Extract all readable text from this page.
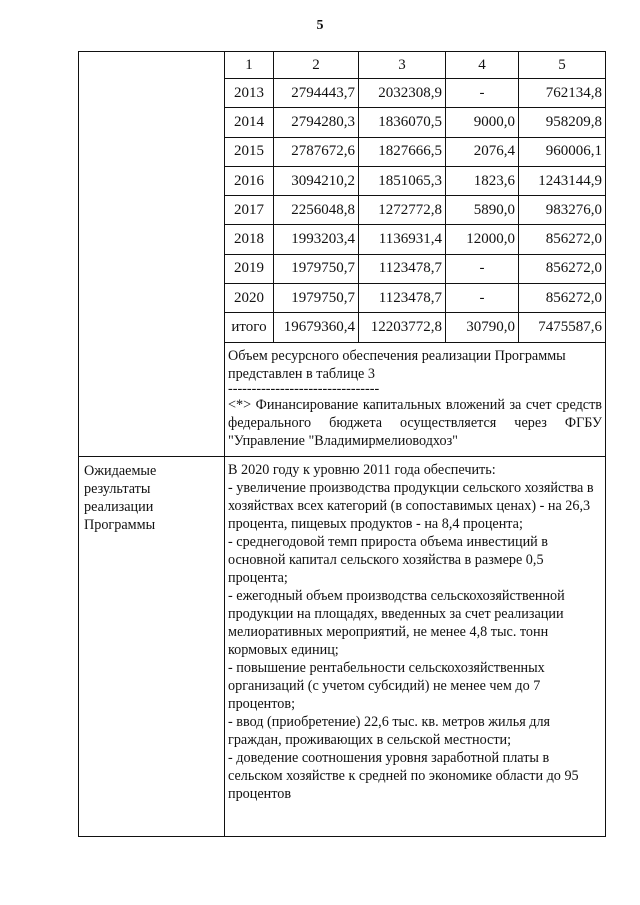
5
1	2	3	4	5
2013	2794443,7	2032308,9	-	762134,8
2014	2794280,3	1836070,5	9000,0	958209,8
2015	2787672,6	1827666,5	2076,4	960006,1
2016	3094210,2	1851065,3	1823,6	1243144,9
2017	2256048,8	1272772,8	5890,0	983276,0
2018	1993203,4	1136931,4	12000,0	856272,0
2019	1979750,7	1123478,7	-	856272,0
2020	1979750,7	1123478,7	-	856272,0
итого	19679360,4	12203772,8	30790,0	7475587,6
Объем ресурсного обеспечения реализации Программы представлен в таблице 3
--------------------------------
<*> Финансирование капитальных вложений за счет средств федерального бюджета осуществляется через ФГБУ "Управление "Владимирмелиоводхоз"
Ожидаемые результаты реализации Программы
В 2020 году к уровню 2011 года обеспечить:
- увеличение производства продукции сельского хозяйства в хозяйствах всех категорий (в сопоставимых ценах) - на 26,3 процента, пищевых продуктов - на 8,4 процента;
- среднегодовой темп прироста объема инвестиций в основной капитал сельского хозяйства в размере 0,5 процента;
- ежегодный объем производства сельскохозяйственной продукции на площадях, введенных за счет реализации мелиоративных мероприятий, не менее 4,8 тыс. тонн кормовых единиц;
- повышение рентабельности сельскохозяйственных организаций (с учетом субсидий) не менее чем до 7 процентов;
- ввод (приобретение) 22,6 тыс. кв. метров жилья для граждан, проживающих в сельской местности;
- доведение соотношения уровня заработной платы в сельском хозяйстве к средней по экономике области до 95 процентов
